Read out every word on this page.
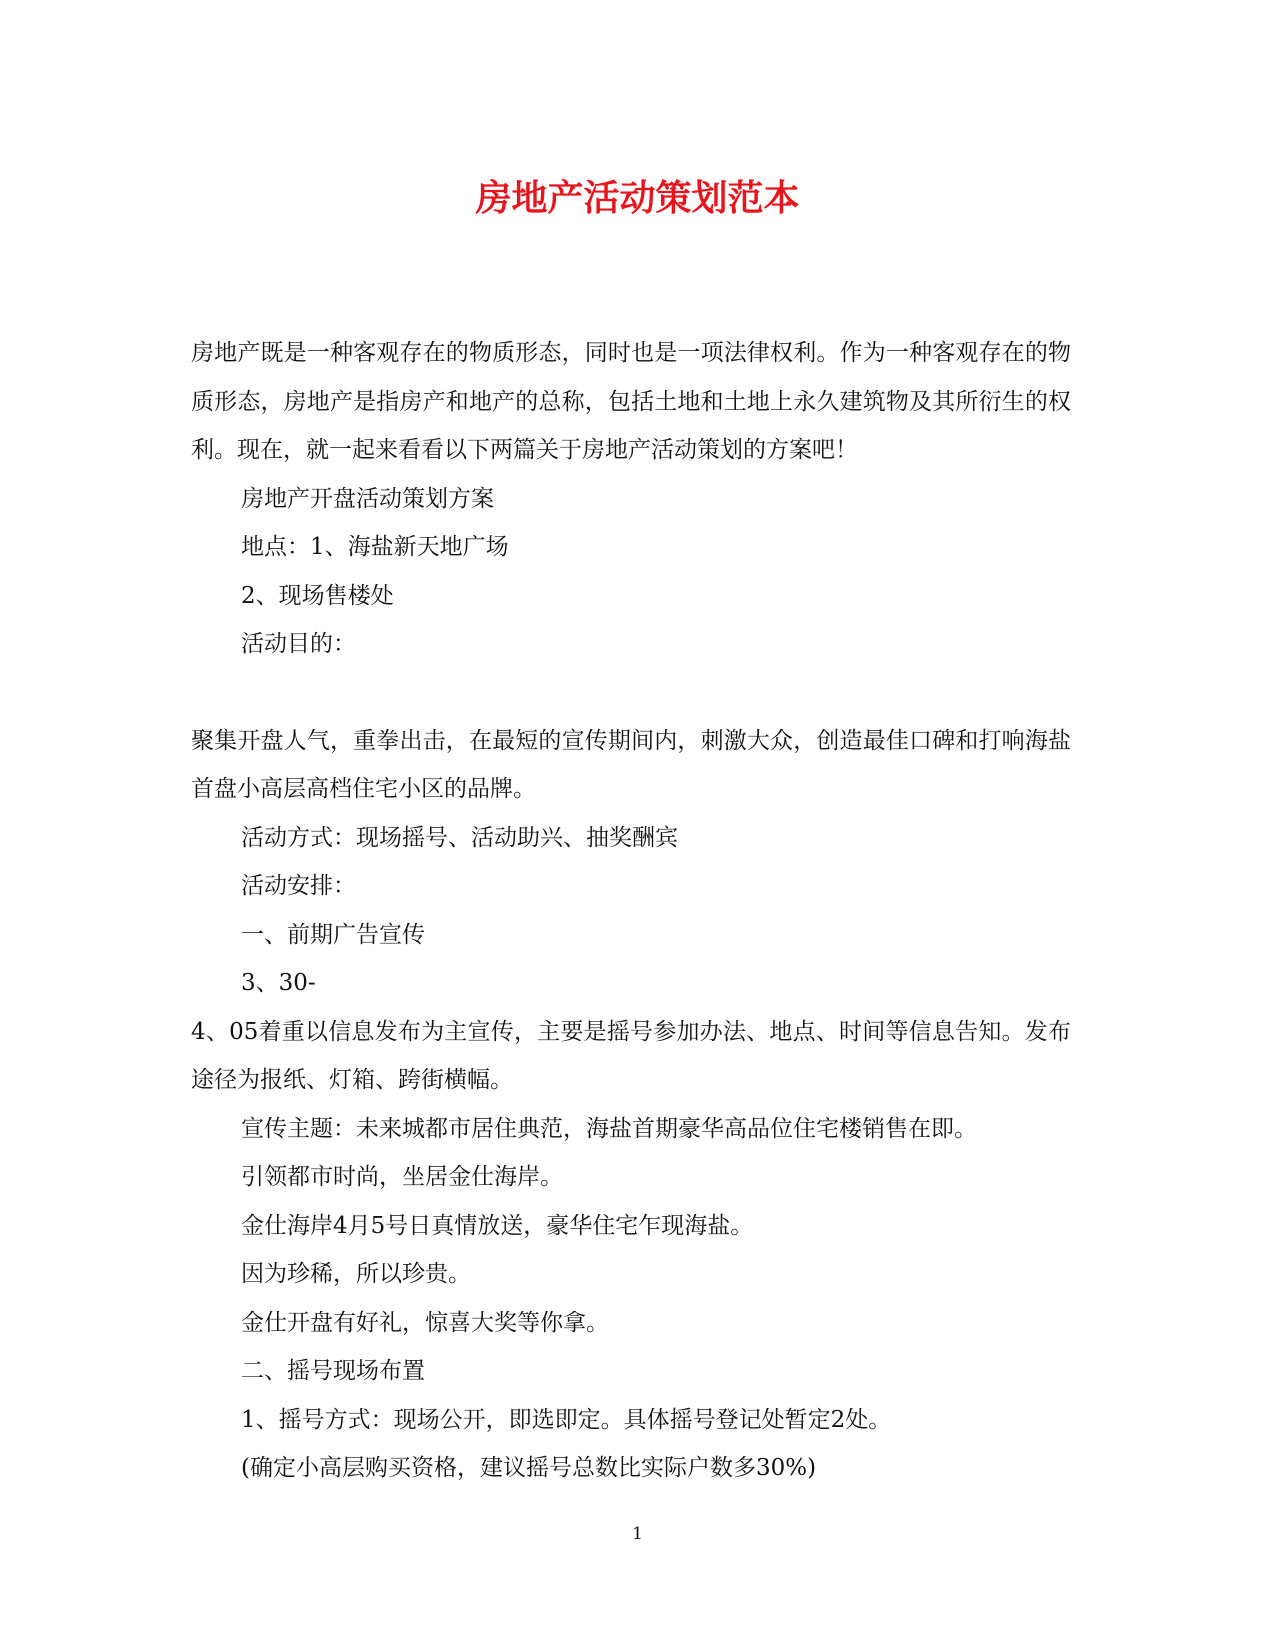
房地产活动策划范本

房地产既是一种客观存在的物质形态，同时也是一项法律权利。作为一种客观存在的物质形态，房地产是指房产和地产的总称，包括土地和土地上永久建筑物及其所衍生的权利。现在，就一起来看看以下两篇关于房地产活动策划的方案吧！

房地产开盘活动策划方案

地点：1、海盐新天地广场

2、现场售楼处

活动目的：

聚集开盘人气，重拳出击，在最短的宣传期间内，刺激大众，创造最佳口碑和打响海盐首盘小高层高档住宅小区的品牌。

活动方式：现场摇号、活动助兴、抽奖酬宾

活动安排：

一、前期广告宣传

3、30-

4、05着重以信息发布为主宣传，主要是摇号参加办法、地点、时间等信息告知。发布途径为报纸、灯箱、跨街横幅。

宣传主题：未来城都市居住典范，海盐首期豪华高品位住宅楼销售在即。

引领都市时尚，坐居金仕海岸。

金仕海岸4月5号日真情放送，豪华住宅乍现海盐。

因为珍稀，所以珍贵。

金仕开盘有好礼，惊喜大奖等你拿。

二、摇号现场布置

1、摇号方式：现场公开，即选即定。具体摇号登记处暂定2处。

(确定小高层购买资格，建议摇号总数比实际户数多30%)

1
